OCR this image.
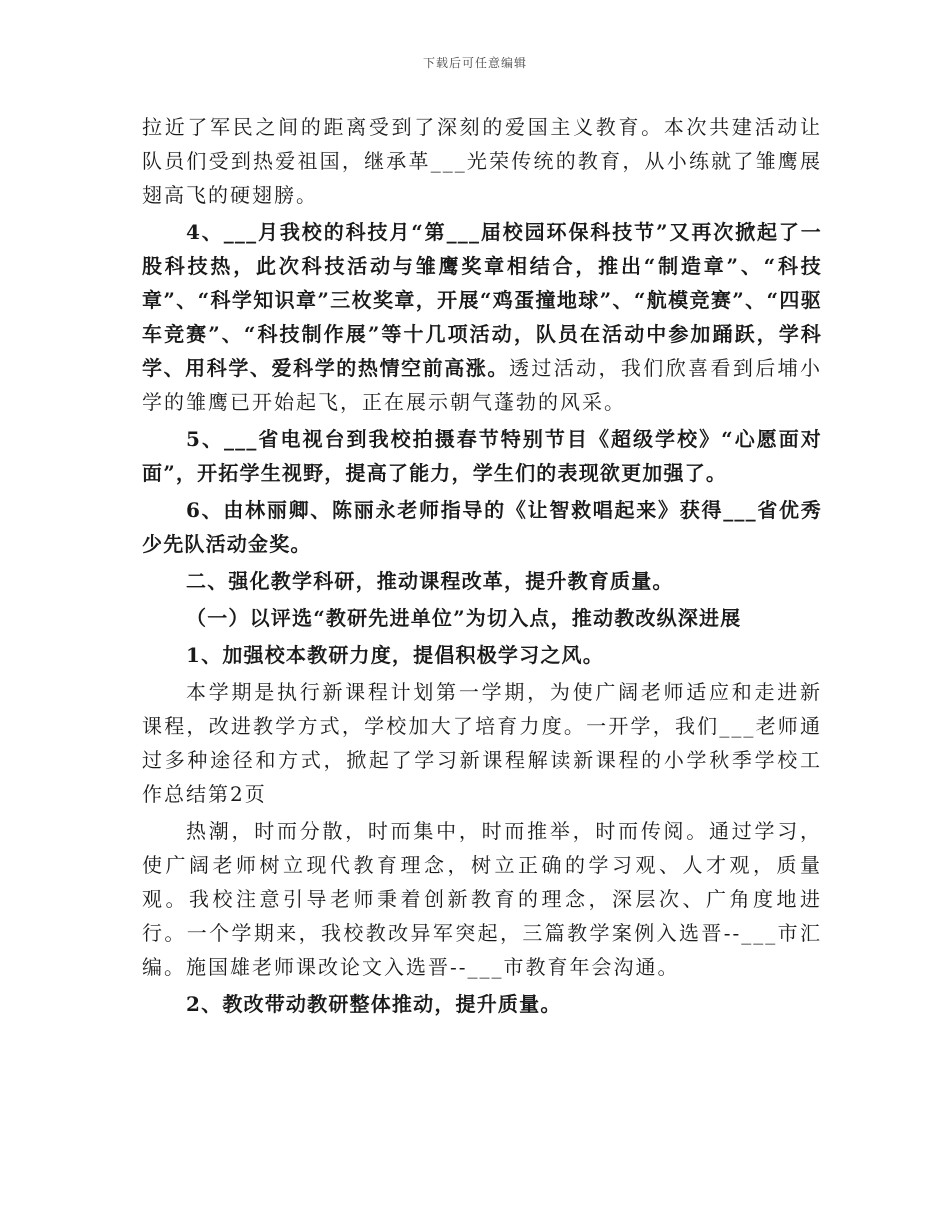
下载后可任意编辑

拉近了军民之间的距离受到了深刻的爱国主义教育。本次共建活动让队员们受到热爱祖国，继承革___光荣传统的教育，从小练就了雏鹰展翅高飞的硬翅膀。

4、___月我校的科技月“第___届校园环保科技节”又再次掀起了一股科技热，此次科技活动与雏鹰奖章相结合，推出“制造章”、“科技章”、“科学知识章”三枚奖章，开展“鸡蛋撞地球”、“航模竞赛”、“四驱车竞赛”、“科技制作展”等十几项活动，队员在活动中参加踊跃，学科学、用科学、爱科学的热情空前高涨。透过活动，我们欣喜看到后埔小学的雏鹰已开始起飞，正在展示朝气蓬勃的风采。

5、___省电视台到我校拍摄春节特别节目《超级学校》“心愿面对面”，开拓学生视野，提高了能力，学生们的表现欲更加强了。

6、由林丽卿、陈丽永老师指导的《让智救唱起来》获得___省优秀少先队活动金奖。

二、强化教学科研，推动课程改革，提升教育质量。

（一）以评选“教研先进单位”为切入点，推动教改纵深进展

1、加强校本教研力度，提倡积极学习之风。

本学期是执行新课程计划第一学期，为使广阔老师适应和走进新课程，改进教学方式，学校加大了培育力度。一开学，我们___老师通过多种途径和方式，掀起了学习新课程解读新课程的小学秋季学校工作总结第2页

热潮，时而分散，时而集中，时而推举，时而传阅。通过学习，使广阔老师树立现代教育理念，树立正确的学习观、人才观，质量观。我校注意引导老师秉着创新教育的理念，深层次、广角度地进行。一个学期来，我校教改异军突起，三篇教学案例入选晋--___市汇编。施国雄老师课改论文入选晋--___市教育年会沟通。

2、教改带动教研整体推动，提升质量。
